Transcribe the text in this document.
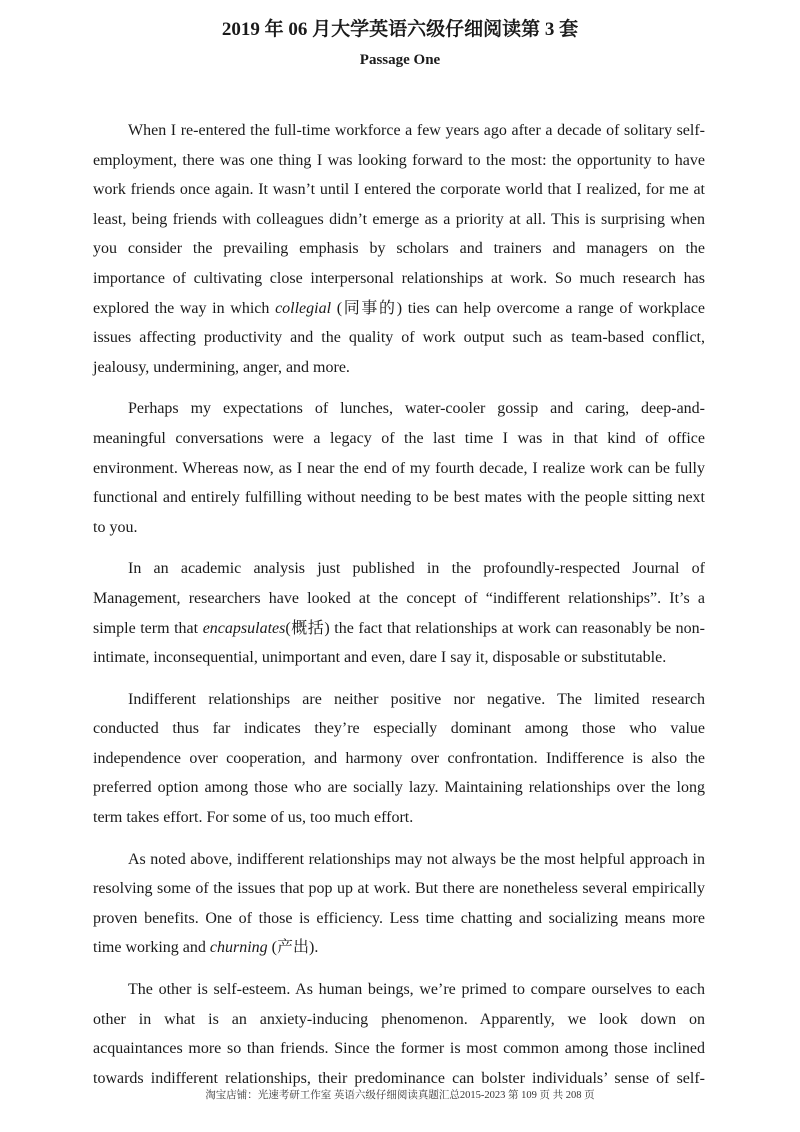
2019 年 06 月大学英语六级仔细阅读第 3 套
Passage One
When I re-entered the full-time workforce a few years ago after a decade of solitary self-
employment, there was one thing I was looking forward to the most: the opportunity to have
work friends once again. It wasn’t until I entered the corporate world that I realized, for me at
least, being friends with colleagues didn’t emerge as a priority at all. This is surprising when
you consider the prevailing emphasis by scholars and trainers and managers on the
importance of cultivating close interpersonal relationships at work. So much research has
explored the way in which collegial (同事的) ties can help overcome a range of workplace
issues affecting productivity and the quality of work output such as team-based conflict,
jealousy, undermining, anger, and more.
Perhaps my expectations of lunches, water-cooler gossip and caring, deep-and-
meaningful conversations were a legacy of the last time I was in that kind of office
environment. Whereas now, as I near the end of my fourth decade, I realize work can be fully
functional and entirely fulfilling without needing to be best mates with the people sitting next
to you.
In an academic analysis just published in the profoundly-respected Journal of
Management, researchers have looked at the concept of “indifferent relationships”. It’s a
simple term that encapsulates(概括) the fact that relationships at work can reasonably be non-
intimate, inconsequential, unimportant and even, dare I say it, disposable or substitutable.
Indifferent relationships are neither positive nor negative. The limited research
conducted thus far indicates they’re especially dominant among those who value
independence over cooperation, and harmony over confrontation. Indifference is also the
preferred option among those who are socially lazy. Maintaining relationships over the long
term takes effort. For some of us, too much effort.
As noted above, indifferent relationships may not always be the most helpful approach in
resolving some of the issues that pop up at work. But there are nonetheless several empirically
proven benefits. One of those is efficiency. Less time chatting and socializing means more
time working and churning (产出).
The other is self-esteem. As human beings, we’re primed to compare ourselves to each
other in what is an anxiety-inducing phenomenon. Apparently, we look down on
acquaintances more so than friends. Since the former is most common among those inclined
towards indifferent relationships, their predominance can bolster individuals’ sense of self-
淘宝店铺：光速考研工作室 英语六级仔细阅读真题汇总2015-2023 第 109 页 共 208 页
